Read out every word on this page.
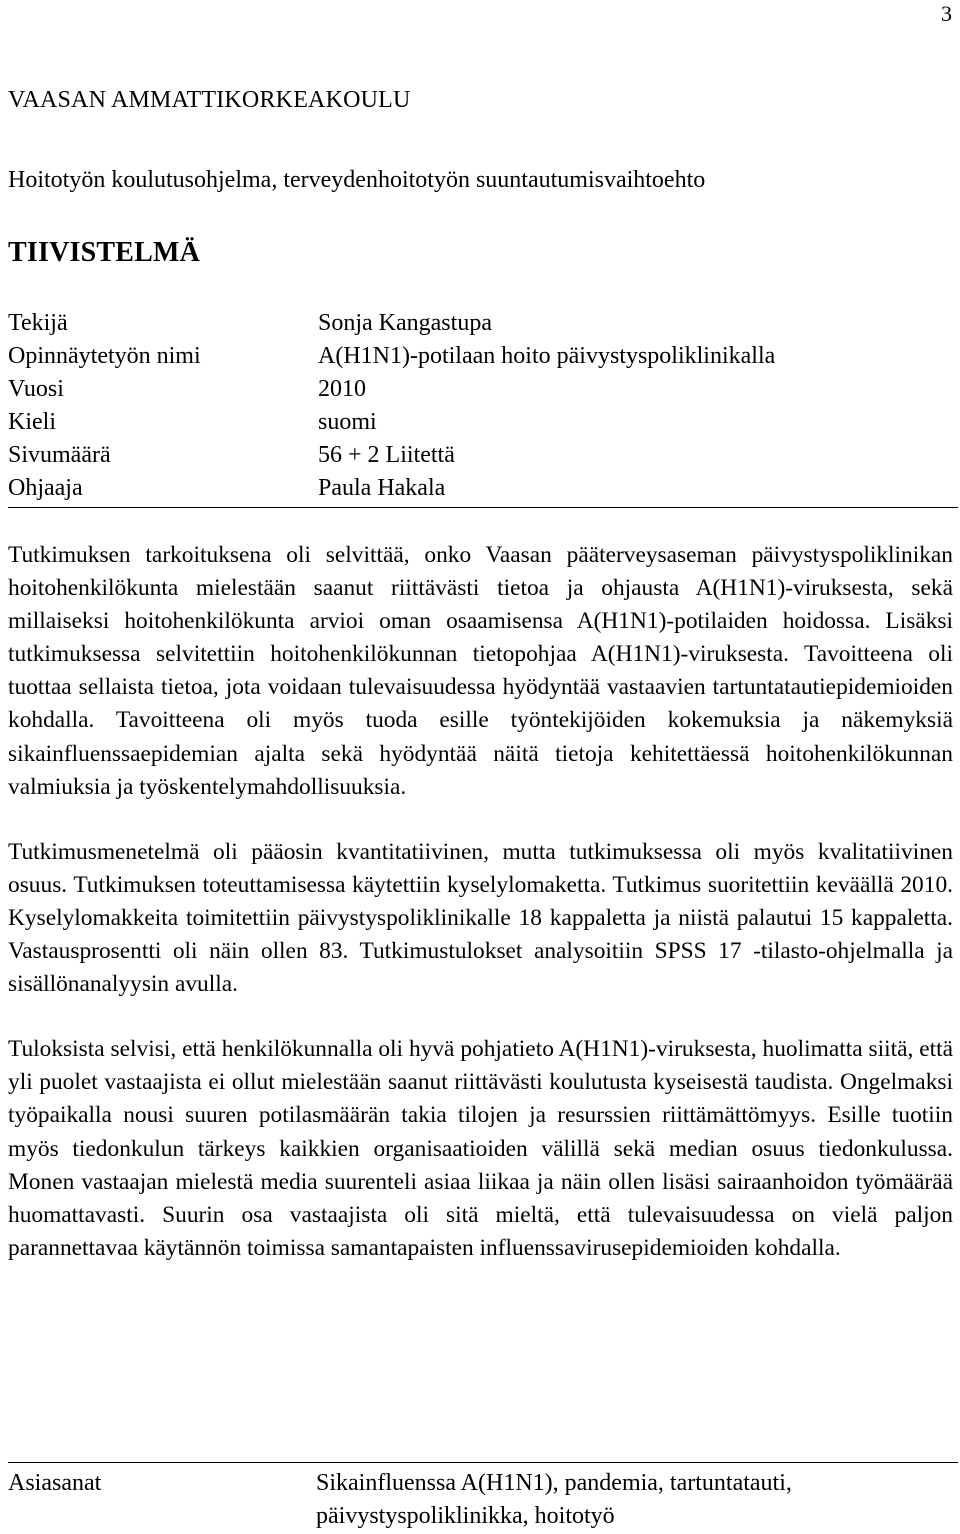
3
VAASAN AMMATTIKORKEAKOULU
Hoitotyön koulutusohjelma, terveydenhoitotyön suuntautumisvaihtoehto
TIIVISTELMÄ
Tekijä	Sonja Kangastupa
Opinnäytetyön nimi	A(H1N1)-potilaan hoito päivystyspoliklinikalla
Vuosi	2010
Kieli	suomi
Sivumäärä	56 + 2 Liitettä
Ohjaaja	Paula Hakala

Tutkimuksen tarkoituksena oli selvittää, onko Vaasan pääterveysaseman päivystyspoliklinikan hoitohenkilökunta mielestään saanut riittävästi tietoa ja ohjausta A(H1N1)-viruksesta, sekä millaiseksi hoitohenkilökunta arvioi oman osaamisensa A(H1N1)-potilaiden hoidossa. Lisäksi tutkimuksessa selvitettiin hoitohenkilökunnan tietopohjaa A(H1N1)-viruksesta. Tavoitteena oli tuottaa sellaista tietoa, jota voidaan tulevaisuudessa hyödyntää vastaavien tartuntatautiepidemioiden kohdalla. Tavoitteena oli myös tuoda esille työntekijöiden kokemuksia ja näkemyksiä sikainfluenssaepidemian ajalta sekä hyödyntää näitä tietoja kehitettäessä hoitohenkilökunnan valmiuksia ja työskentelymahdollisuuksia.

Tutkimusmenetelmä oli pääosin kvantitatiivinen, mutta tutkimuksessa oli myös kvalitatiivinen osuus. Tutkimuksen toteuttamisessa käytettiin kyselylomaketta. Tutkimus suoritettiin keväällä 2010. Kyselylomakkeita toimitettiin päivystyspoliklinikalle 18 kappaletta ja niistä palautui 15 kappaletta. Vastausprosentti oli näin ollen 83. Tutkimustulokset analysoitiin SPSS 17 -tilasto-ohjelmalla ja sisällönanalyysin avulla.

Tuloksista selvisi, että henkilökunnalla oli hyvä pohjatieto A(H1N1)-viruksesta, huolimatta siitä, että yli puolet vastaajista ei ollut mielestään saanut riittävästi koulutusta kyseisestä taudista. Ongelmaksi työpaikalla nousi suuren potilasmäärän takia tilojen ja resurssien riittämättömyys. Esille tuotiin myös tiedonkulun tärkeys kaikkien organisaatioiden välillä sekä median osuus tiedonkulussa. Monen vastaajan mielestä media suurenteli asiaa liikaa ja näin ollen lisäsi sairaanhoidon työmäärää huomattavasti. Suurin osa vastaajista oli sitä mieltä, että tulevaisuudessa on vielä paljon parannettavaa käytännön toimissa samantapaisten influenssavirusepidemioiden kohdalla.

Asiasanat	Sikainfluenssa A(H1N1), pandemia, tartuntatauti,
päivystyspoliklinikka, hoitotyö
